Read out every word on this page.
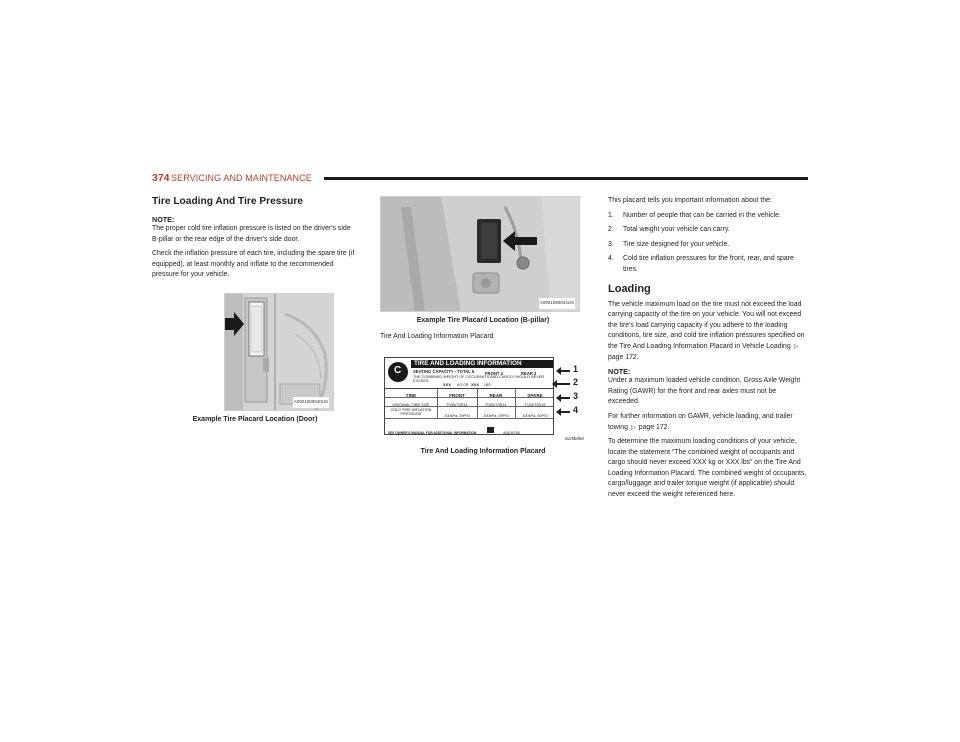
374 SERVICING AND MAINTENANCE
Tire Loading And Tire Pressure
NOTE:

The proper cold tire inflation pressure is listed on the driver's side B-pillar or the rear edge of the driver's side door.

Check the inflation pressure of each tire, including the spare tire (if equipped), at least monthly and inflate to the recommended pressure for your vehicle.

A0901000040US
Example Tire Placard Location (Door)
A0901000044US
Example Tire Placard Location (B-pillar)

Tire And Loading Information Placard

C
TIRE AND LOADING INFORMATION
SEATING CAPACITY - TOTAL 5	FRONT 2	REAR 3
THE COMBINED WEIGHT OF OCCUPANTS AND CARGO SHOULD NEVER EXCEED
XXX KG OR XXX LBS.
TIRE	FRONT	REAR	SPARE
ORIGINAL TIRE SIZE	P195/70R14	P195/70R14	T125/70D15
COLD TIRE INFLATION PRESSURE	200kPa, 29PSI	200kPa, 29PSI	420kPa, 60PSI
SEE OWNER'S MANUAL FOR ADDITIONAL INFORMATION	4N109768
1
2
3
4
81i5bd5e
Tire And Loading Information Placard

This placard tells you important information about the:

1. Number of people that can be carried in the vehicle.
2. Total weight your vehicle can carry.
3. Tire size designed for your vehicle.
4. Cold tire inflation pressures for the front, rear, and spare tires.
Loading

The vehicle maximum load on the tire must not exceed the load carrying capacity of the tire on your vehicle. You will not exceed the tire's load carrying capacity if you adhere to the loading conditions, tire size, and cold tire inflation pressures specified on the Tire And Loading Information Placard in Vehicle Loading ▷ page 172.

NOTE:

Under a maximum loaded vehicle condition, Gross Axle Weight Rating (GAWR) for the front and rear axles must not be exceeded.

For further information on GAWR, vehicle loading, and trailer towing ▷ page 172.

To determine the maximum loading conditions of your vehicle, locate the statement “The combined weight of occupants and cargo should never exceed XXX kg or XXX lbs” on the Tire And Loading Information Placard. The combined weight of occupants, cargo/luggage and trailer tongue weight (if applicable) should never exceed the weight referenced here.
